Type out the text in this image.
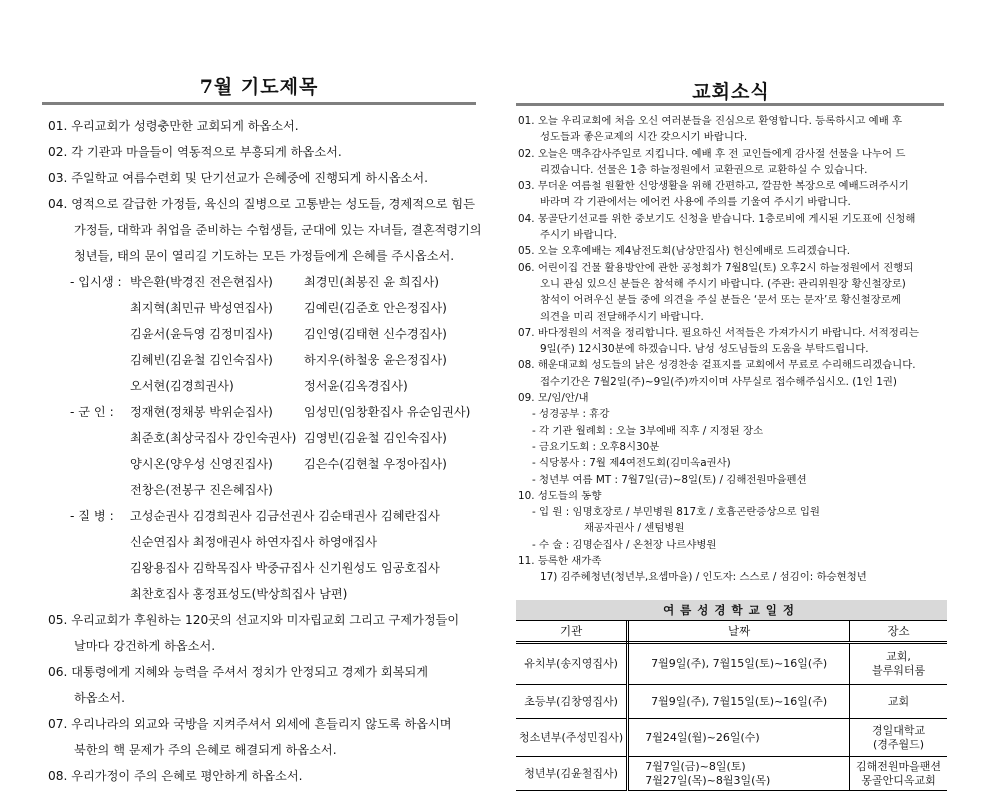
7월 기도제목
01. 우리교회가 성령충만한 교회되게 하옵소서.
02. 각 기관과 마을들이 역동적으로 부흥되게 하옵소서.
03. 주일학교 여름수련회 및 단기선교가 은혜중에 진행되게 하시옵소서.
04. 영적으로 갈급한 가정들, 육신의 질병으로 고통받는 성도들, 경제적으로 힘든
가정들, 대학과 취업을 준비하는 수험생들, 군대에 있는 자녀들, 결혼적령기의
청년들, 태의 문이 열리길 기도하는 모든 가정들에게 은혜를 주시옵소서.
- 입시생 : 박은환(박경진 전은현집사)	최경민(최봉진 윤 희집사)
최지혁(최민규 박성연집사)	김예린(김준호 안은정집사)
김윤서(윤득영 김정미집사)	김인영(김태현 신수경집사)
김혜빈(김윤철 김인숙집사)	하지우(하철웅 윤은정집사)
오서현(김경희권사)	정서윤(김옥경집사)
- 군 인 :	정재현(정채봉 박위순집사)	임성민(임창환집사 유순임권사)
최준호(최상국집사 강인숙권사) 김영빈(김윤철 김인숙집사)
양시온(양우성 신영진집사)	김은수(김현철 우정아집사)
전창은(전봉구 진은혜집사)
- 질 병 :	고성순권사 김경희권사 김금선권사 김순태권사 김혜란집사
신순연집사 최정애권사 하연자집사 하영애집사
김왕용집사 김학목집사 박중규집사 신기원성도 임공호집사
최찬호집사 홍정표성도(박상희집사 남편)
05. 우리교회가 후원하는 120곳의 선교지와 미자립교회 그리고 구제가정들이
날마다 강건하게 하옵소서.
06. 대통령에게 지혜와 능력을 주셔서 정치가 안정되고 경제가 회복되게
하옵소서.
07. 우리나라의 외교와 국방을 지켜주셔서 외세에 흔들리지 않도록 하옵시며
북한의 핵 문제가 주의 은혜로 해결되게 하옵소서.
08. 우리가정이 주의 은혜로 평안하게 하옵소서.
교회소식
01. 오늘 우리교회에 처음 오신 여러분들을 진심으로 환영합니다. 등록하시고 예배 후
성도들과 좋은교제의 시간 갖으시기 바랍니다.
02. 오늘은 맥추감사주일로 지킵니다. 예배 후 전 교인들에게 감사절 선물을 나누어 드
리겠습니다. 선물은 1층 하늘정원에서 교환권으로 교환하실 수 있습니다.
03. 무더운 여름철 원활한 신앙생활을 위해 간편하고, 깔끔한 복장으로 예배드려주시기
바라며 각 기관에서는 에어컨 사용에 주의를 기울여 주시기 바랍니다.
04. 몽골단기선교를 위한 중보기도 신청을 받습니다. 1층로비에 게시된 기도표에 신청해
주시기 바랍니다.
05. 오늘 오후예배는 제4남전도회(남상만집사) 헌신예배로 드리겠습니다.
06. 어린이집 건물 활용방안에 관한 공청회가 7월8일(토) 오후2시 하늘정원에서 진행되
오니 관심 있으신 분들은 참석해 주시기 바랍니다. (주관: 관리위원장 황신철장로)
참석이 어려우신 분들 중에 의견을 주실 분들은 ‘문서 또는 문자’로 황신철장로께
의견을 미리 전달해주시기 바랍니다.
07. 바다정원의 서적을 정리합니다. 필요하신 서적들은 가져가시기 바랍니다. 서적정리는
9일(주) 12시30분에 하겠습니다. 남성 성도님들의 도움을 부탁드립니다.
08. 해운대교회 성도들의 낡은 성경찬송 겉표지를 교회에서 무료로 수리해드리겠습니다.
접수기간은 7월2일(주)~9일(주)까지이며 사무실로 접수해주십시오. (1인 1권)
09. 모/임/안/내
- 성경공부 : 휴강
- 각 기관 월례회 : 오늘 3부예배 직후 / 지정된 장소
- 금요기도회 : 오후8시30분
- 식당봉사 : 7월 제4여전도회(김미옥a권사)
- 청년부 여름 MT : 7월7일(금)~8일(토) / 김해전원마을펜션
10. 성도들의 동향
- 입 원 : 임명호장로 / 부민병원 817호 / 호흡곤란증상으로 입원
채공자권사 / 센텀병원
- 수 술 : 김명순집사 / 온천장 나르샤병원
11. 등록한 새가족
17) 김주혜청년(청년부,요셉마을) / 인도자: 스스로 / 섬김이: 하승현청년
여름성경학교일정
기관	날짜	장소
유치부(송지영집사)	7월9일(주), 7월15일(토)~16일(주)	교회,
블루워터룸

초등부(김창영집사)	7월9일(주), 7월15일(토)~16일(주)	교회

청소년부(주성민집사)	7월24일(월)~26일(수)	경일대학교
(경주월드)

청년부(김윤철집사)	7월7일(금)~8일(토)
7월27일(목)~8월3일(목)	김해전원마을팬션
몽골안디옥교회
